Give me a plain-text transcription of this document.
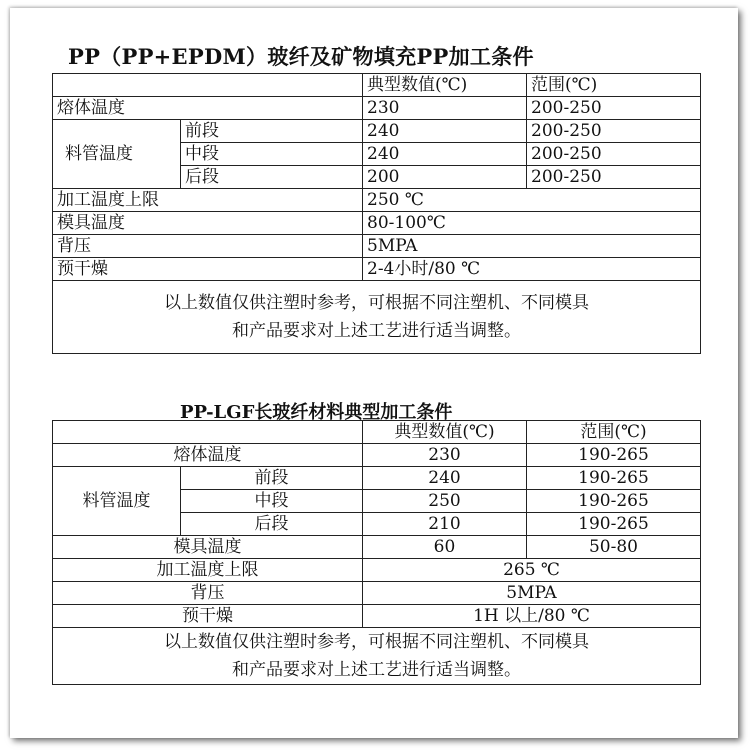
PP（PP+EPDM）玻纤及矿物填充PP加工条件
		典型数值(℃)	范围(℃)
熔体温度		230	200-250
料管温度	前段	240	200-250
	中段	240	200-250
	后段	200	200-250
加工温度上限		250 ℃	
模具温度		80-100℃	
背压		5MPA	
预干燥		2-4小时/80 ℃	

以上数值仅供注塑时参考，可根据不同注塑机、不同模具
和产品要求对上述工艺进行适当调整。			
PP-LGF长玻纤材料典型加工条件
		典型数值(℃)	范围(℃)
熔体温度		230	190-265
料管温度	前段	240	190-265
	中段	250	190-265
	后段	210	190-265
模具温度		60	50-80
加工温度上限		265 ℃	
背压		5MPA	
预干燥		1H 以上/80 ℃	

以上数值仅供注塑时参考，可根据不同注塑机、不同模具
和产品要求对上述工艺进行适当调整。			
